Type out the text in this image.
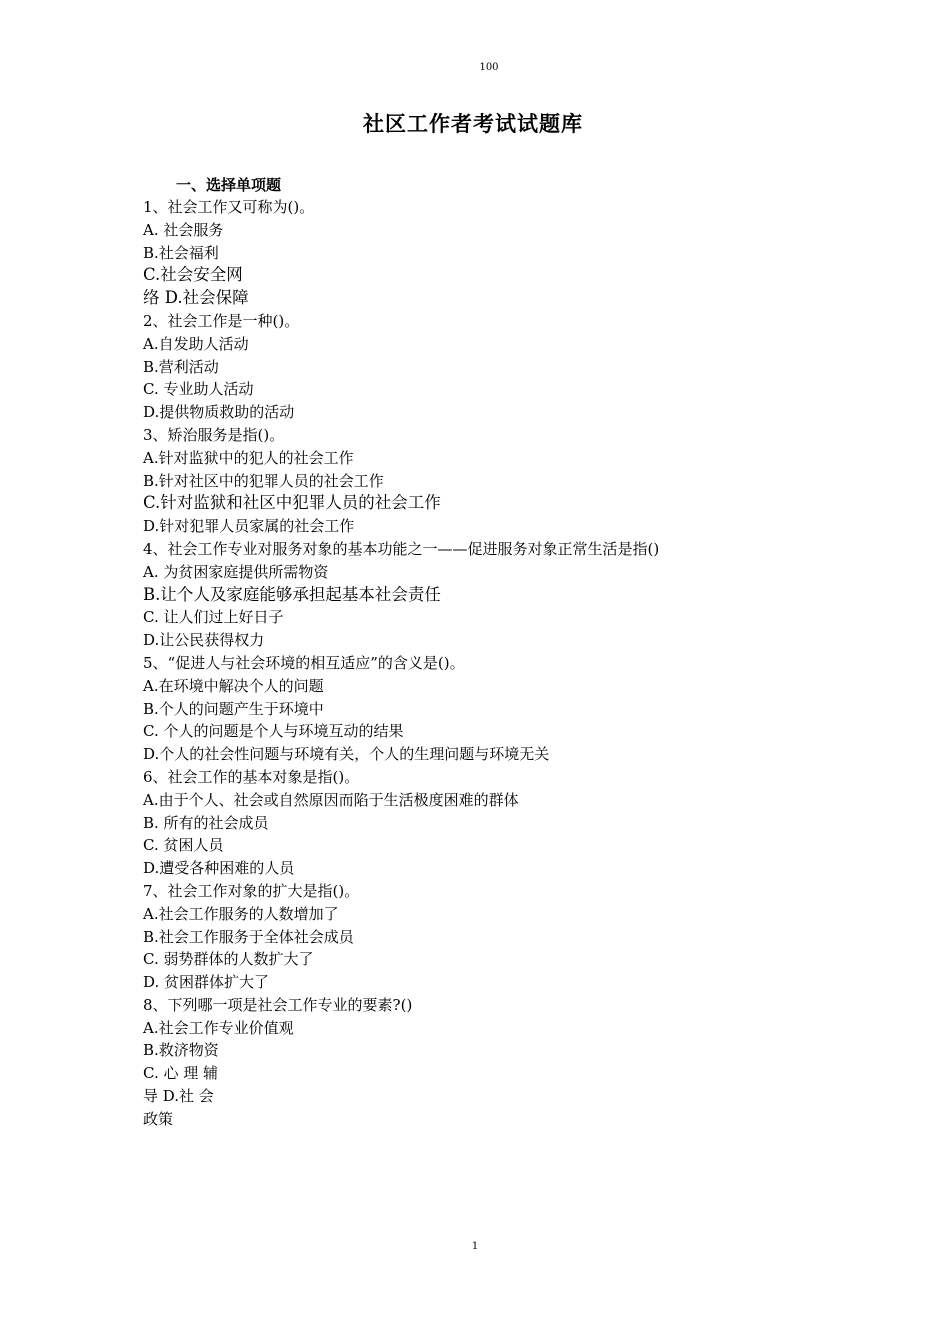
100
社区工作者考试试题库
一、选择单项题
1、社会工作又可称为()。
A. 社会服务
B.社会福利
C.社会安全网
络 D.社会保障
2、社会工作是一种()。
A.自发助人活动
B.营利活动
C. 专业助人活动
D.提供物质救助的活动
3、矫治服务是指()。
A.针对监狱中的犯人的社会工作
B.针对社区中的犯罪人员的社会工作
C.针对监狱和社区中犯罪人员的社会工作
D.针对犯罪人员家属的社会工作
4、社会工作专业对服务对象的基本功能之一——促进服务对象正常生活是指()
A. 为贫困家庭提供所需物资
B.让个人及家庭能够承担起基本社会责任
C. 让人们过上好日子
D.让公民获得权力
5、“促进人与社会环境的相互适应”的含义是()。
A.在环境中解决个人的问题
B.个人的问题产生于环境中
C. 个人的问题是个人与环境互动的结果
D.个人的社会性问题与环境有关，个人的生理问题与环境无关
6、社会工作的基本对象是指()。
A.由于个人、社会或自然原因而陷于生活极度困难的群体
B. 所有的社会成员
C. 贫困人员
D.遭受各种困难的人员
7、社会工作对象的扩大是指()。
A.社会工作服务的人数增加了
B.社会工作服务于全体社会成员
C. 弱势群体的人数扩大了
D. 贫困群体扩大了
8、下列哪一项是社会工作专业的要素?()
A.社会工作专业价值观
B.救济物资
C. 心 理 辅
导 D.社 会
政策
1
